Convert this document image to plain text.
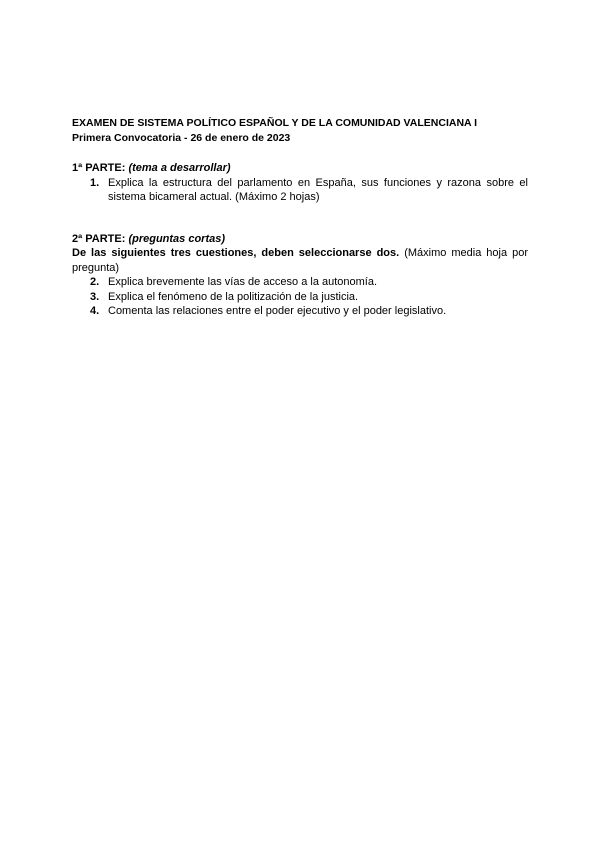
EXAMEN DE SISTEMA POLÍTICO ESPAÑOL Y DE LA COMUNIDAD VALENCIANA I

Primera Convocatoria - 26 de enero de 2023

1ª PARTE: (tema a desarrollar)

1. Explica la estructura del parlamento en España, sus funciones y razona sobre el sistema bicameral actual. (Máximo 2 hojas)

2ª PARTE: (preguntas cortas)

De las siguientes tres cuestiones, deben seleccionarse dos. (Máximo media hoja por pregunta)

2. Explica brevemente las vías de acceso a la autonomía.
3. Explica el fenómeno de la politización de la justicia.
4. Comenta las relaciones entre el poder ejecutivo y el poder legislativo.
